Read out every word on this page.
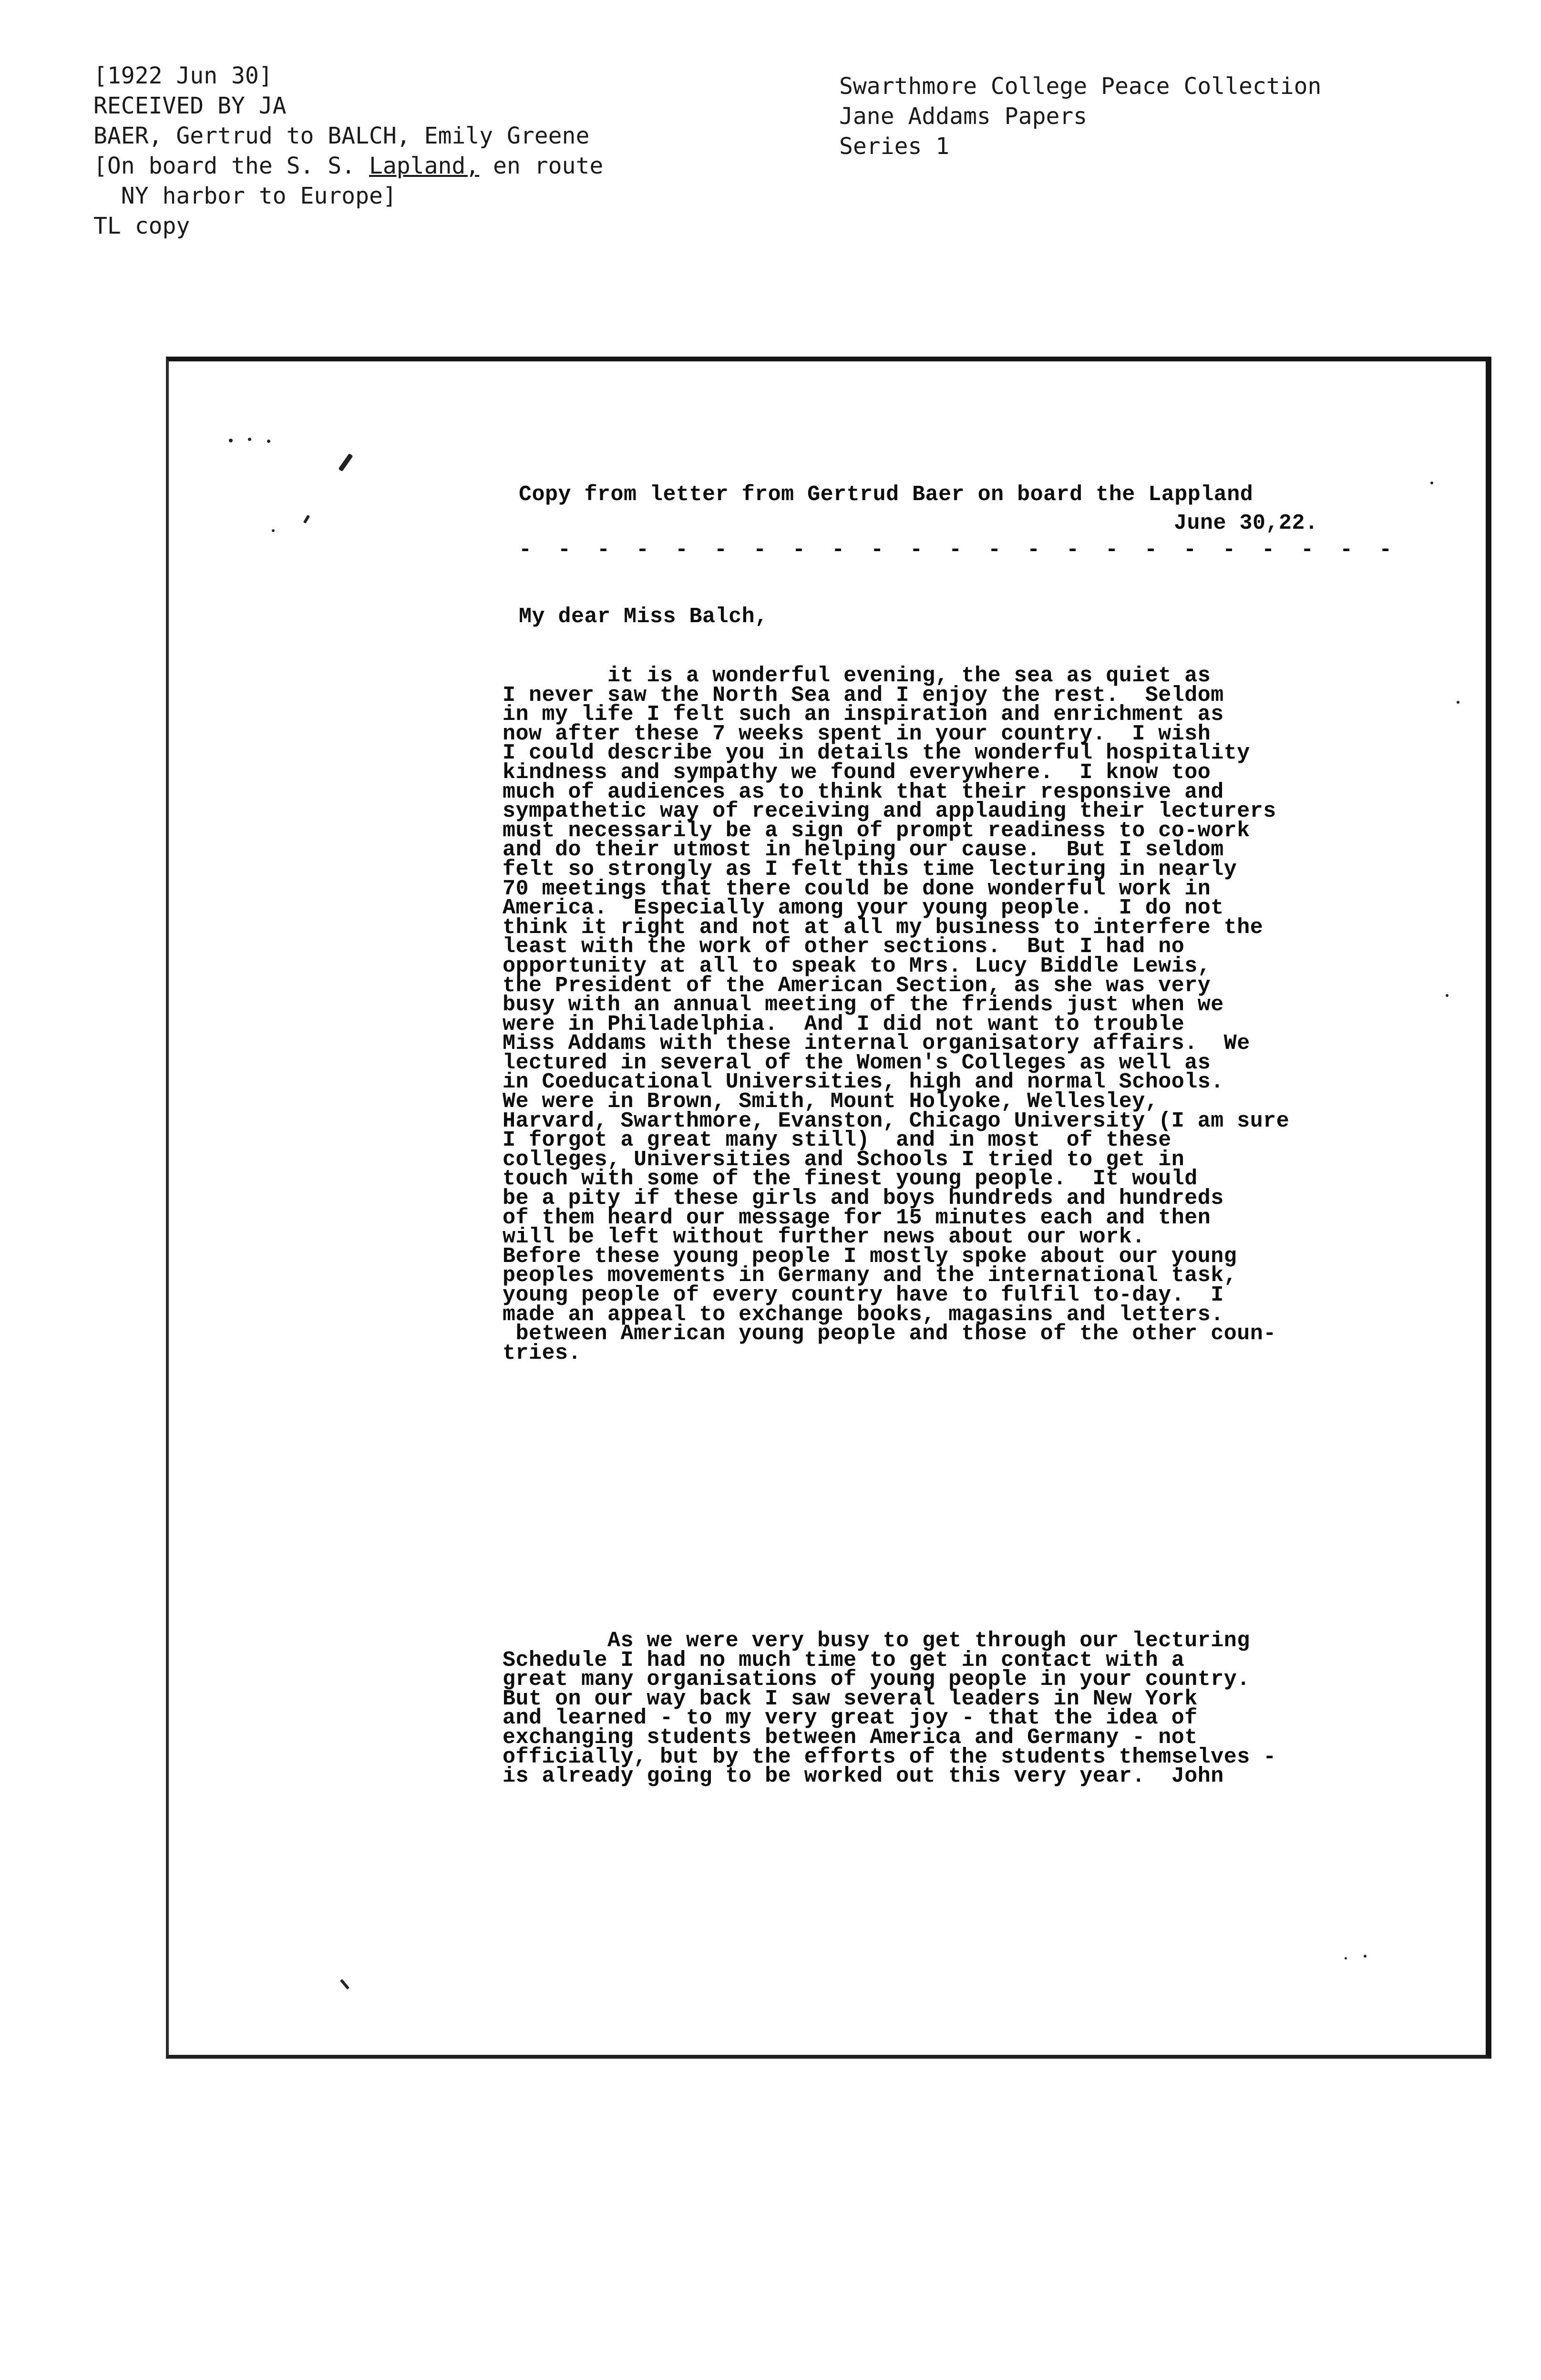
[1922 Jun 30]
RECEIVED BY JA
BAER, Gertrud to BALCH, Emily Greene
[On board the S. S. Lapland, en route
NY harbor to Europe]
TL copy
Swarthmore College Peace Collection
Jane Addams Papers
Series 1
Copy from letter from Gertrud Baer on board the Lappland
June 30,22.
- - - - - - - - - - - - - - - - - - - - - - -
My dear Miss Balch,
it is a wonderful evening, the sea as quiet as
I never saw the North Sea and I enjoy the rest.  Seldom
in my life I felt such an inspiration and enrichment as
now after these 7 weeks spent in your country.  I wish
I could describe you in details the wonderful hospitality
kindness and sympathy we found everywhere.  I know too
much of audiences as to think that their responsive and
sympathetic way of receiving and applauding their lecturers
must necessarily be a sign of prompt readiness to co-work
and do their utmost in helping our cause.  But I seldom
felt so strongly as I felt this time lecturing in nearly
70 meetings that there could be done wonderful work in
America.  Especially among your young people.  I do not
think it right and not at all my business to interfere the
least with the work of other sections.  But I had no
opportunity at all to speak to Mrs. Lucy Biddle Lewis,
the President of the American Section, as she was very
busy with an annual meeting of the friends just when we
were in Philadelphia.  And I did not want to trouble
Miss Addams with these internal organisatory affairs.  We
lectured in several of the Women's Colleges as well as
in Coeducational Universities, high and normal Schools.
We were in Brown, Smith, Mount Holyoke, Wellesley,
Harvard, Swarthmore, Evanston, Chicago University (I am sure
I forgot a great many still)  and in most  of these
colleges, Universities and Schools I tried to get in
touch with some of the finest young people.  It would
be a pity if these girls and boys hundreds and hundreds
of them heard our message for 15 minutes each and then
will be left without further news about our work.
Before these young people I mostly spoke about our young
peoples movements in Germany and the international task,
young people of every country have to fulfil to-day.  I
made an appeal to exchange books, magasins and letters.
between American young people and those of the other coun-
tries.
As we were very busy to get through our lecturing
Schedule I had no much time to get in contact with a
great many organisations of young people in your country.
But on our way back I saw several leaders in New York
and learned - to my very great joy - that the idea of
exchanging students between America and Germany - not
officially, but by the efforts of the students themselves -
is already going to be worked out this very year.  John
